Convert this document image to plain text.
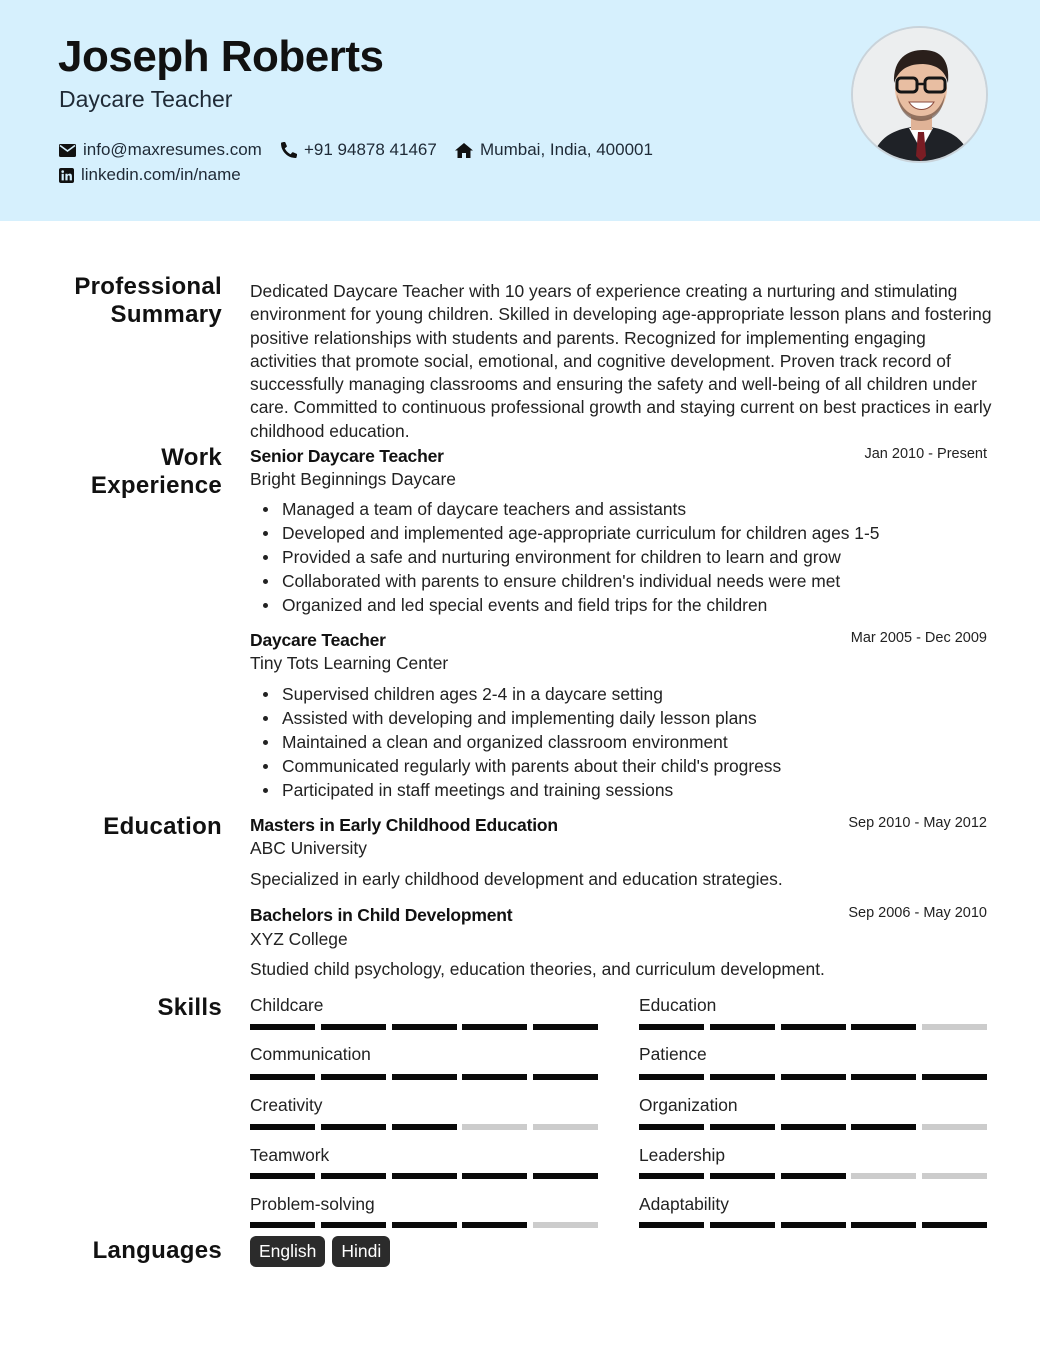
Joseph Roberts
Daycare Teacher
info@maxresumes.com +91 94878 41467	Mumbai, India, 400001
linkedin.com/in/name
Professional
Summary

Dedicated Daycare Teacher with 10 years of experience creating a nurturing and stimulating environment for young children. Skilled in developing age-appropriate lesson plans and fostering positive relationships with students and parents. Recognized for implementing engaging activities that promote social, emotional, and cognitive development. Proven track record of successfully managing classrooms and ensuring the safety and well-being of all children under care. Committed to continuous professional growth and staying current on best practices in early childhood education.

Work
Experience
Senior Daycare Teacher	Jan 2010 - Present
Bright Beginnings Daycare
Managed a team of daycare teachers and assistants
Developed and implemented age-appropriate curriculum for children ages 1-5
Provided a safe and nurturing environment for children to learn and grow
Collaborated with parents to ensure children's individual needs were met
Organized and led special events and field trips for the children
Daycare Teacher	Mar 2005 - Dec 2009
Tiny Tots Learning Center
Supervised children ages 2-4 in a daycare setting
Assisted with developing and implementing daily lesson plans
Maintained a clean and organized classroom environment
Communicated regularly with parents about their child's progress
Participated in staff meetings and training sessions
Education Masters in Early Childhood Education	Sep 2010 - May 2012
ABC University
Specialized in early childhood development and education strategies.
Bachelors in Child Development	Sep 2006 - May 2010
XYZ College
Studied child psychology, education theories, and curriculum development.
Skills Childcare	Education
Communication	Patience
Creativity	Organization
Teamwork	Leadership
Problem-solving	Adaptability
Languages	English	Hindi
